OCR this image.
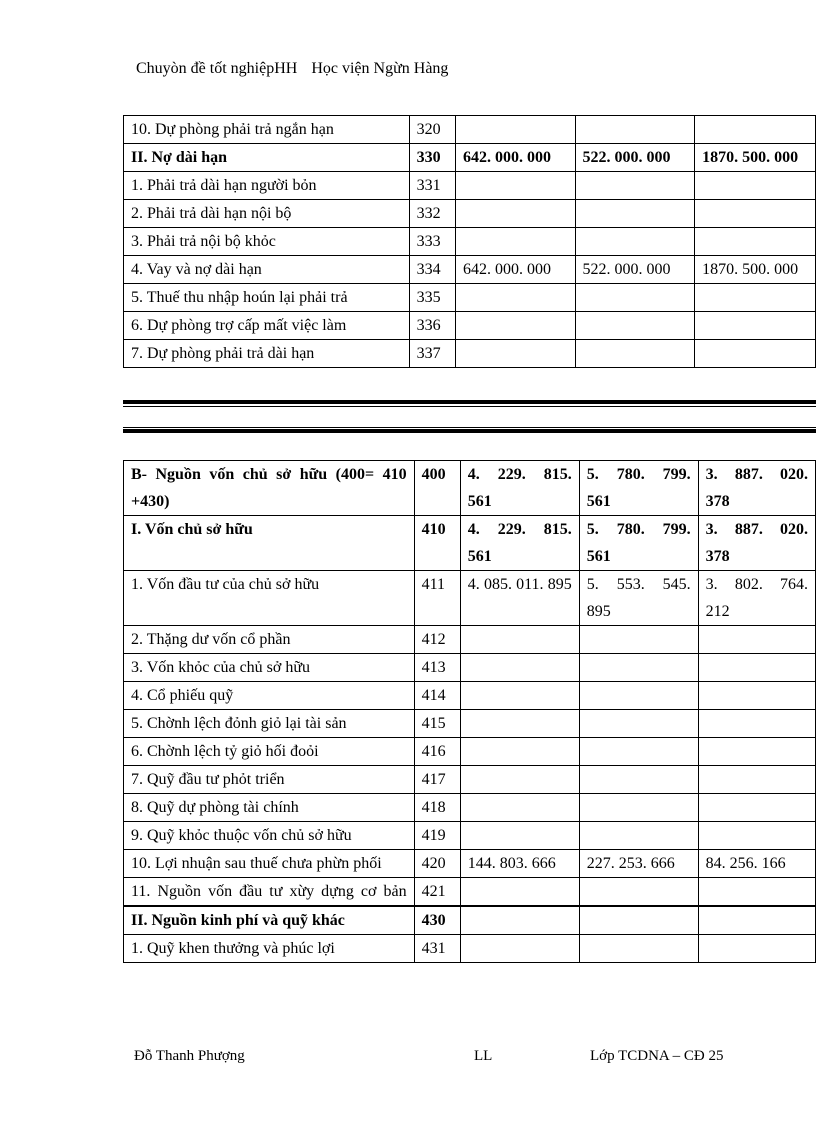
Chuyòn đề tốt nghiệpHH Học viện Ngừn Hàng
10. Dự phòng phải trả ngắn hạn	320			
II. Nợ dài hạn	330	642. 000. 000	522. 000. 000	1870. 500. 000
1. Phải trả dài hạn người bỏn	331			
2. Phải trả dài hạn nội bộ	332			
3. Phải trả nội bộ khỏc	333			
4. Vay và nợ dài hạn	334	642. 000. 000	522. 000. 000	1870. 500. 000
5. Thuế thu nhập hoún lại phải trả	335			
6. Dự phòng trợ cấp mất việc làm	336			
7. Dự phòng phải trả dài hạn	337			
B- Nguồn vốn chủ sở hữu (400= 410 +430)	400	4. 229. 815. 561	5. 780. 799. 561	3. 887. 020. 378
I. Vốn chủ sở hữu	410	4. 229. 815. 561	5. 780. 799. 561	3. 887. 020. 378
1. Vốn đầu tư của chủ sở hữu	411	4. 085. 011. 895	5. 553. 545. 895	3. 802. 764. 212
2. Thặng dư vốn cổ phần	412			
3. Vốn khỏc của chủ sở hữu	413			
4. Cổ phiếu quỹ	414			
5. Chờnh lệch đỏnh giỏ lại tài sản	415			
6. Chờnh lệch tỷ giỏ hối đoỏi	416			
7. Quỹ đầu tư phỏt triển	417			
8. Quỹ dự phòng tài chính	418			
9. Quỹ khỏc thuộc vốn chủ sở hữu	419			
10. Lợi nhuận sau thuế chưa phừn phối	420	144. 803. 666	227. 253. 666	84. 256. 166
11. Nguồn vốn đầu tư xừy dựng cơ bản	421			
II. Nguồn kinh phí và quỹ khác	430			
1. Quỹ khen thưởng và phúc lợi	431			
Đỗ Thanh Phượng	LL	Lớp TCDNA – CĐ 25
